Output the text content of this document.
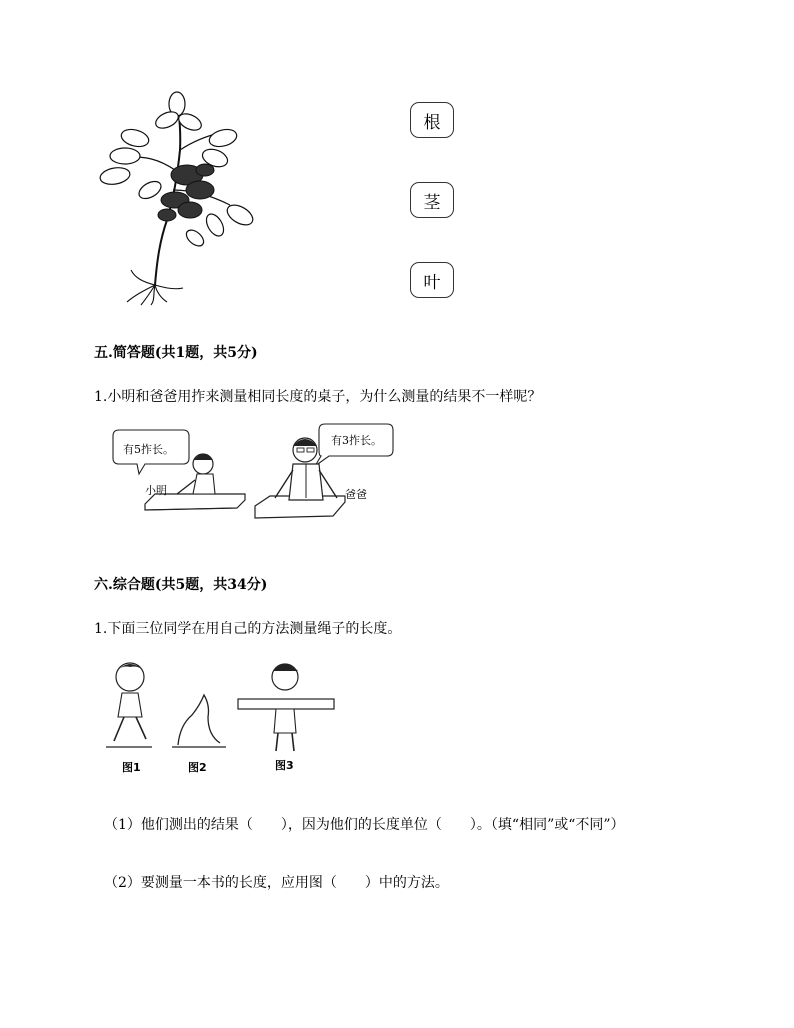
根
茎
叶
五.简答题(共1题，共5分)
1.小明和爸爸用拃来测量相同长度的桌子，为什么测量的结果不一样呢？
有5拃长。
有3拃长。
小明	爸爸
六.综合题(共5题，共34分)
1.下面三位同学在用自己的方法测量绳子的长度。
图1	图2	图3
（1）他们测出的结果（　　），因为他们的长度单位（　　）。（填“相同”或“不同”）
（2）要测量一本书的长度，应用图（　　）中的方法。
